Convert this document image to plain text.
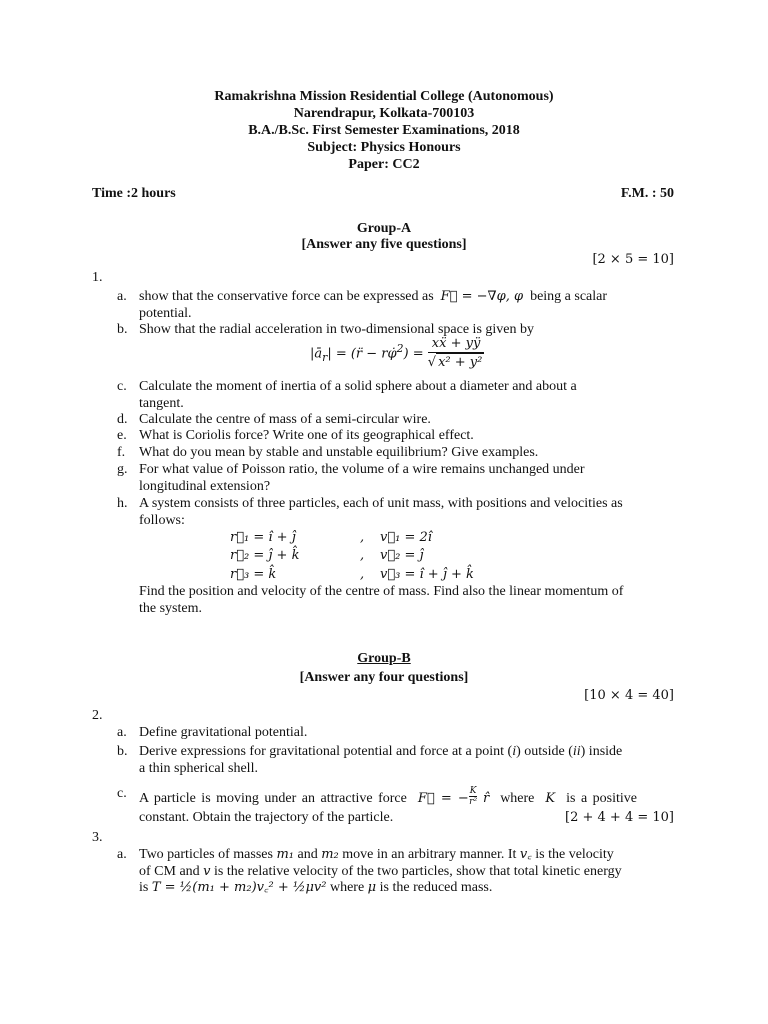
Ramakrishna Mission Residential College (Autonomous)
Narendrapur, Kolkata-700103
B.A./B.Sc. First Semester Examinations, 2018
Subject: Physics Honours
Paper: CC2
Time :2 hours	F.M. : 50
Group-A
[Answer any five questions]
[2 × 5 = 10]
1.
a. show that the conservative force can be expressed as F⃗ = −∇φ, φ being a scalar
potential.
b. Show that the radial acceleration in two-dimensional space is given by
$|ā_r|$ = (r̈ − rφ̇$^2$) = $\frac{\text{xẍ + yÿ}}{\text{√ x² + y²}}$
c. Calculate the moment of inertia of a solid sphere about a diameter and about a
tangent.
d. Calculate the centre of mass of a semi-circular wire.
e. What is Coriolis force? Write one of its geographical effect.
f. What do you mean by stable and unstable equilibrium? Give examples.
g. For what value of Poisson ratio, the volume of a wire remains unchanged under
longitudinal extension?
h. A system consists of three particles, each of unit mass, with positions and velocities as
follows:
r⃗₁ = î + ĵ	, v⃗₁ = 2î
r⃗₂ = ĵ + k̂	, v⃗₂ = ĵ
r⃗₃ = k̂	, v⃗₃ = î + ĵ + k̂
Find the position and velocity of the centre of mass. Find also the linear momentum of
the system.
Group-B
[Answer any four questions]
[10 × 4 = 40]
2.
a. Define gravitational potential.
b. Derive expressions for gravitational potential and force at a point (i) outside (ii) inside
a thin spherical shell.
c. A particle is moving under an attractive force F⃗ = − $\frac{K}{\text{r²}}$ r̂ where K is a positive
constant. Obtain the trajectory of the particle.	[2 + 4 + 4 = 10]
3.
a. Two particles of masses m₁ and m₂ move in an arbitrary manner. It v꜀ is the velocity
of CM and v is the relative velocity of the two particles, show that total kinetic energy
is T = ½(m₁ + m₂)v꜀² + ½μv² where μ is the reduced mass.
